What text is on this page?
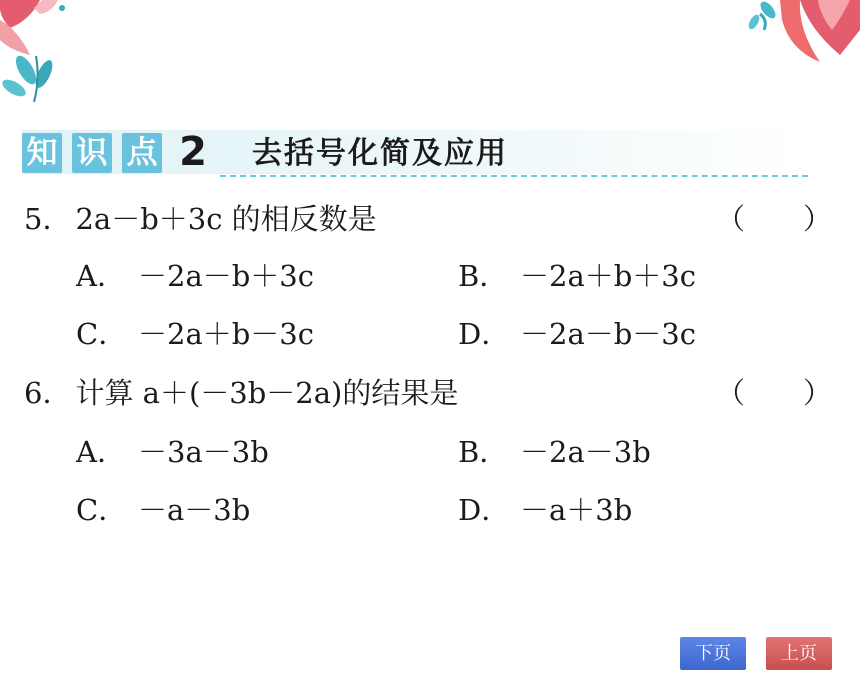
知 识 点 2 去括号化简及应用
5． 2a－b＋3c 的相反数是	（　　）
A． －2a－b＋3c	B． －2a＋b＋3c
C． －2a＋b－3c	D． －2a－b－3c
6． 计算 a＋(－3b－2a)的结果是	（　　）
A． －3a－3b	B． －2a－3b
C． －a－3b	D． －a＋3b
下页	上页
